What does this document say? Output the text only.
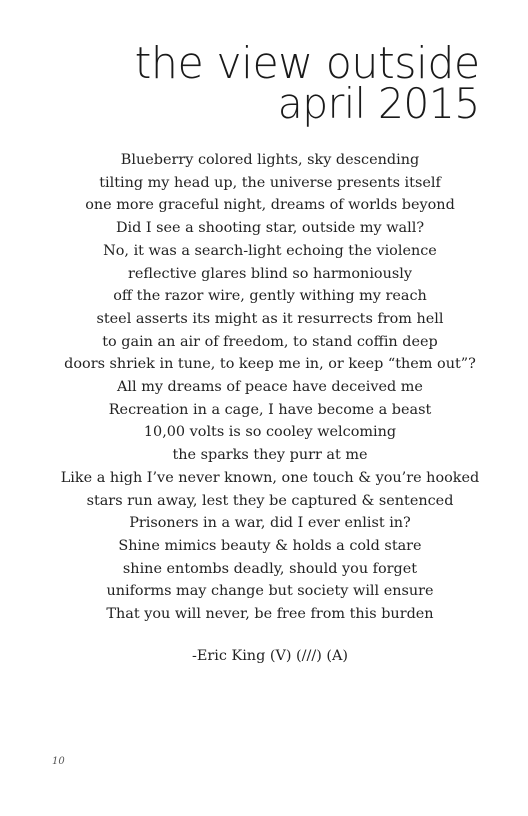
the view outside
april 2015
Blueberry colored lights, sky descending
tilting my head up, the universe presents itself
one more graceful night, dreams of worlds beyond
Did I see a shooting star, outside my wall?
No, it was a search-light echoing the violence
reflective glares blind so harmoniously
off the razor wire, gently withing my reach
steel asserts its might as it resurrects from hell
to gain an air of freedom, to stand coffin deep
doors shriek in tune, to keep me in, or keep “them out”?
All my dreams of peace have deceived me
Recreation in a cage, I have become a beast
10,00 volts is so cooley welcoming
the sparks they purr at me
Like a high I’ve never known, one touch & you’re hooked
stars run away, lest they be captured & sentenced
Prisoners in a war, did I ever enlist in?
Shine mimics beauty & holds a cold stare
shine entombs deadly, should you forget
uniforms may change but society will ensure
That you will never, be free from this burden
-Eric King (V) (///) (A)
10
